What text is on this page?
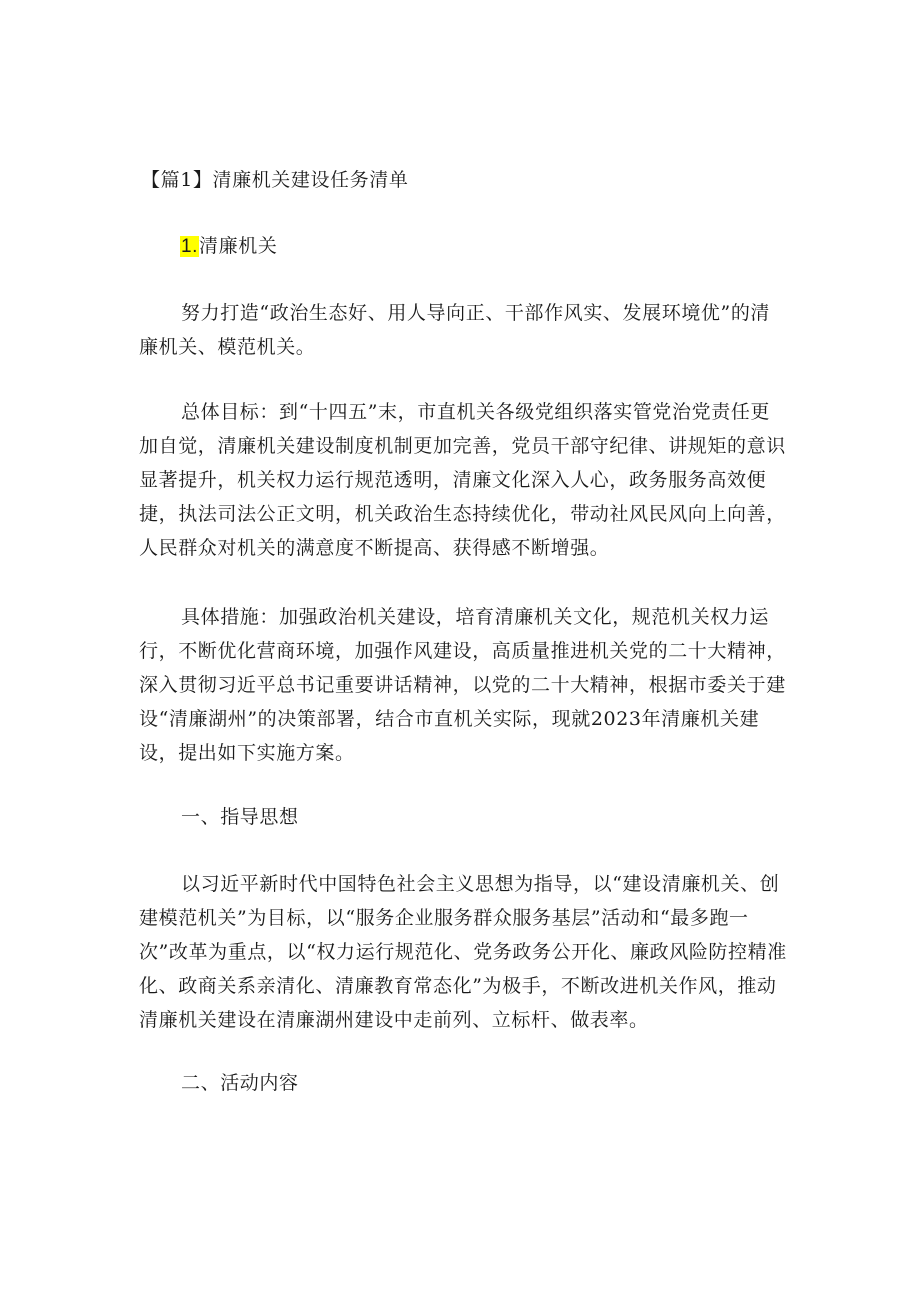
【篇1】清廉机关建设任务清单

1.清廉机关

努力打造“政治生态好、用人导向正、干部作风实、发展环境优”的清廉机关、模范机关。

总体目标：到“十四五”末，市直机关各级党组织落实管党治党责任更加自觉，清廉机关建设制度机制更加完善，党员干部守纪律、讲规矩的意识显著提升，机关权力运行规范透明，清廉文化深入人心，政务服务高效便捷，执法司法公正文明，机关政治生态持续优化，带动社风民风向上向善，人民群众对机关的满意度不断提高、获得感不断增强。

具体措施：加强政治机关建设，培育清廉机关文化，规范机关权力运行，不断优化营商环境，加强作风建设，高质量推进机关党的二十大精神，深入贯彻习近平总书记重要讲话精神，以党的二十大精神，根据市委关于建设“清廉湖州”的决策部署，结合市直机关实际，现就2023年清廉机关建设，提出如下实施方案。

一、指导思想

以习近平新时代中国特色社会主义思想为指导，以“建设清廉机关、创建模范机关”为目标，以“服务企业服务群众服务基层”活动和“最多跑一次”改革为重点，以“权力运行规范化、党务政务公开化、廉政风险防控精准化、政商关系亲清化、清廉教育常态化”为极手，不断改进机关作风，推动清廉机关建设在清廉湖州建设中走前列、立标杆、做表率。

二、活动内容
